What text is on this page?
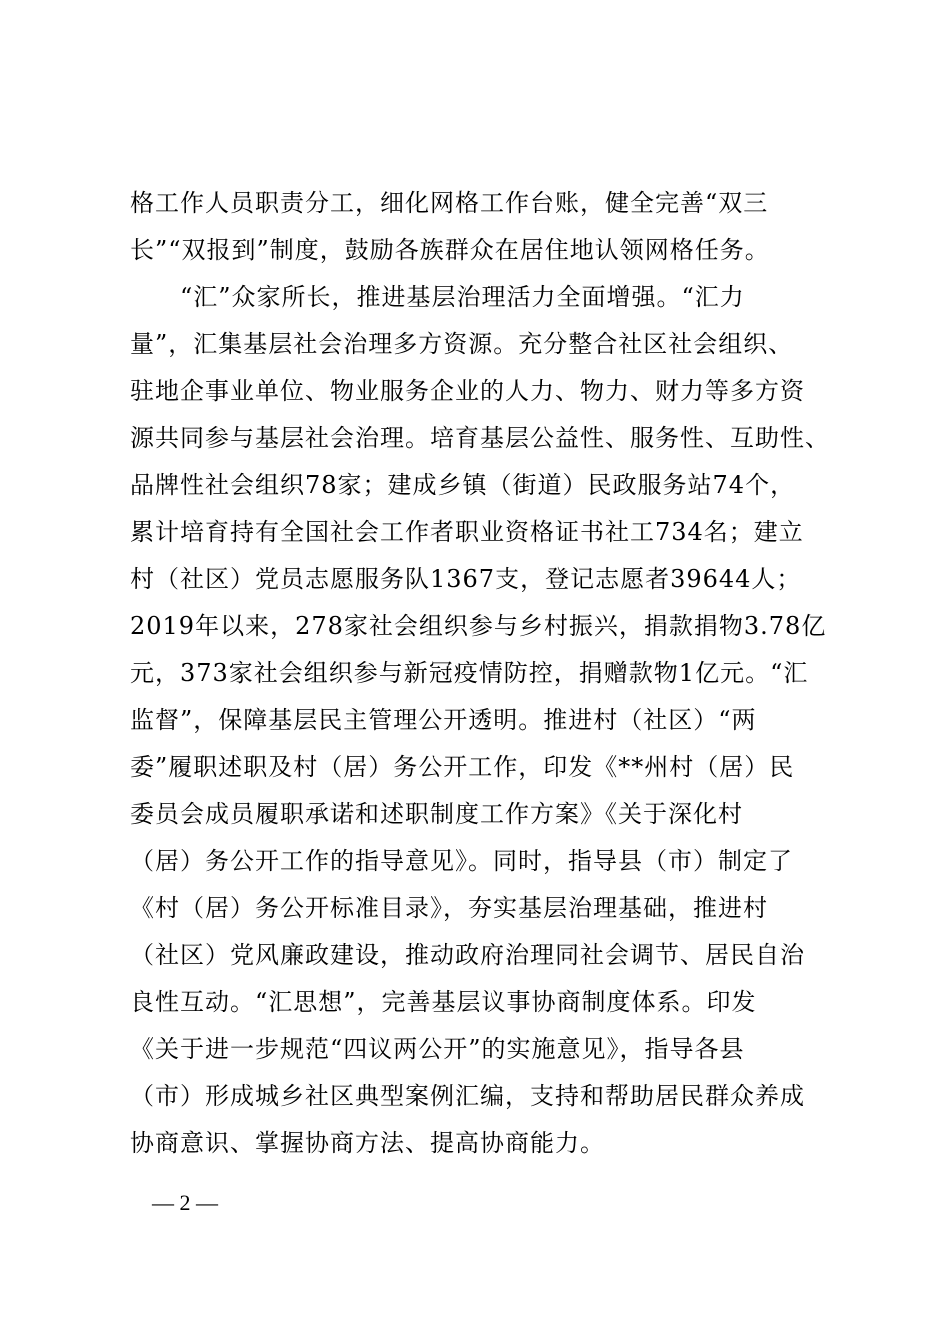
格工作人员职责分工，细化网格工作台账，健全完善“双三
长”“双报到”制度，鼓励各族群众在居住地认领网格任务。
　　“汇”众家所长，推进基层治理活力全面增强。“汇力
量”，汇集基层社会治理多方资源。充分整合社区社会组织、
驻地企事业单位、物业服务企业的人力、物力、财力等多方资
源共同参与基层社会治理。培育基层公益性、服务性、互助性、
品牌性社会组织78家；建成乡镇（街道）民政服务站74个，
累计培育持有全国社会工作者职业资格证书社工734名；建立
村（社区）党员志愿服务队1367支，登记志愿者39644人；
2019年以来，278家社会组织参与乡村振兴，捐款捐物3.78亿
元，373家社会组织参与新冠疫情防控，捐赠款物1亿元。“汇
监督”，保障基层民主管理公开透明。推进村（社区）“两
委”履职述职及村（居）务公开工作，印发《**州村（居）民
委员会成员履职承诺和述职制度工作方案》《关于深化村
（居）务公开工作的指导意见》。同时，指导县（市）制定了
《村（居）务公开标准目录》，夯实基层治理基础，推进村
（社区）党风廉政建设，推动政府治理同社会调节、居民自治
良性互动。“汇思想”，完善基层议事协商制度体系。印发
《关于进一步规范“四议两公开”的实施意见》，指导各县
（市）形成城乡社区典型案例汇编，支持和帮助居民群众养成
协商意识、掌握协商方法、提高协商能力。
— 2 —
